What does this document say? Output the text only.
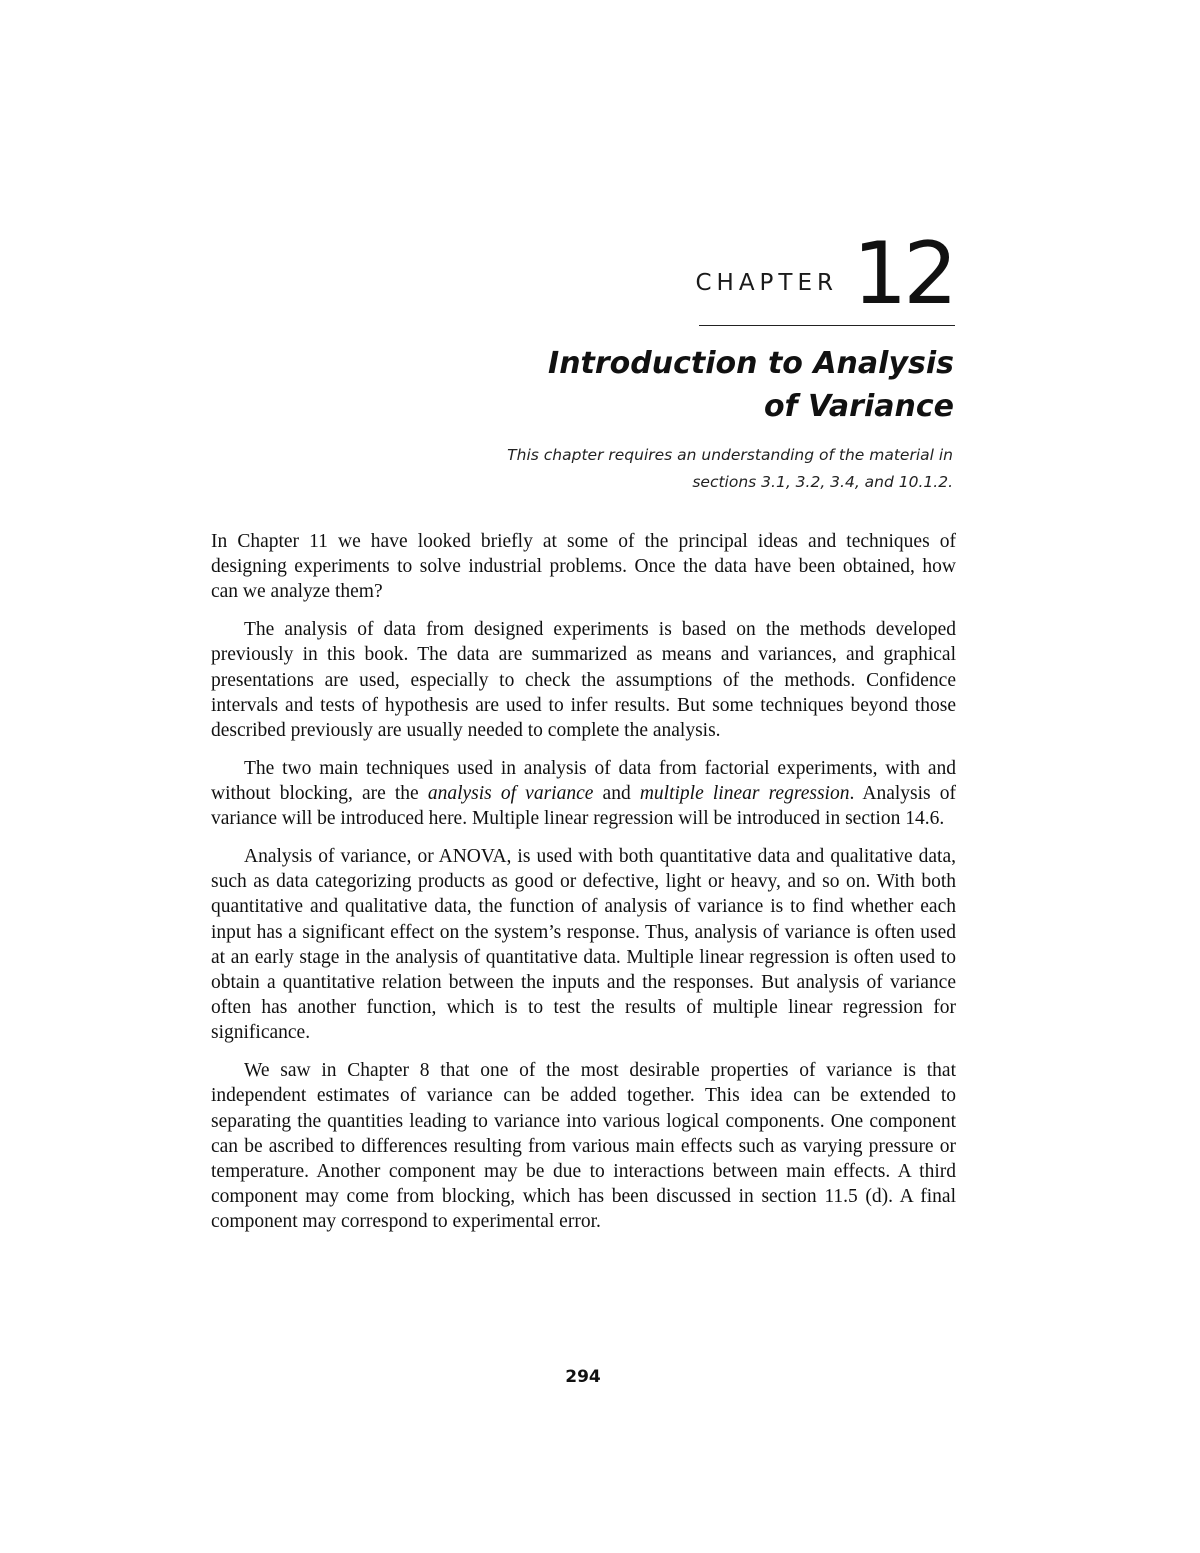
CHAPTER 12
Introduction to Analysis
of Variance
This chapter requires an understanding of the material in
sections 3.1, 3.2, 3.4, and 10.1.2.

In Chapter 11 we have looked briefly at some of the principal ideas and techniques of designing experiments to solve industrial problems. Once the data have been obtained, how can we analyze them?

The analysis of data from designed experiments is based on the methods developed previously in this book. The data are summarized as means and variances, and graphical presentations are used, especially to check the assumptions of the methods. Confidence intervals and tests of hypothesis are used to infer results. But some techniques beyond those described previously are usually needed to complete the analysis.

The two main techniques used in analysis of data from factorial experiments, with and without blocking, are the analysis of variance and multiple linear regression. Analysis of variance will be introduced here. Multiple linear regression will be introduced in section 14.6.

Analysis of variance, or ANOVA, is used with both quantitative data and qualitative data, such as data categorizing products as good or defective, light or heavy, and so on. With both quantitative and qualitative data, the function of analysis of variance is to find whether each input has a significant effect on the system’s response. Thus, analysis of variance is often used at an early stage in the analysis of quantitative data. Multiple linear regression is often used to obtain a quantitative relation between the inputs and the responses. But analysis of variance often has another function, which is to test the results of multiple linear regression for significance.

We saw in Chapter 8 that one of the most desirable properties of variance is that independent estimates of variance can be added together. This idea can be extended to separating the quantities leading to variance into various logical components. One component can be ascribed to differences resulting from various main effects such as varying pressure or temperature. Another component may be due to interactions between main effects. A third component may come from blocking, which has been discussed in section 11.5 (d). A final component may correspond to experimental error.

294
